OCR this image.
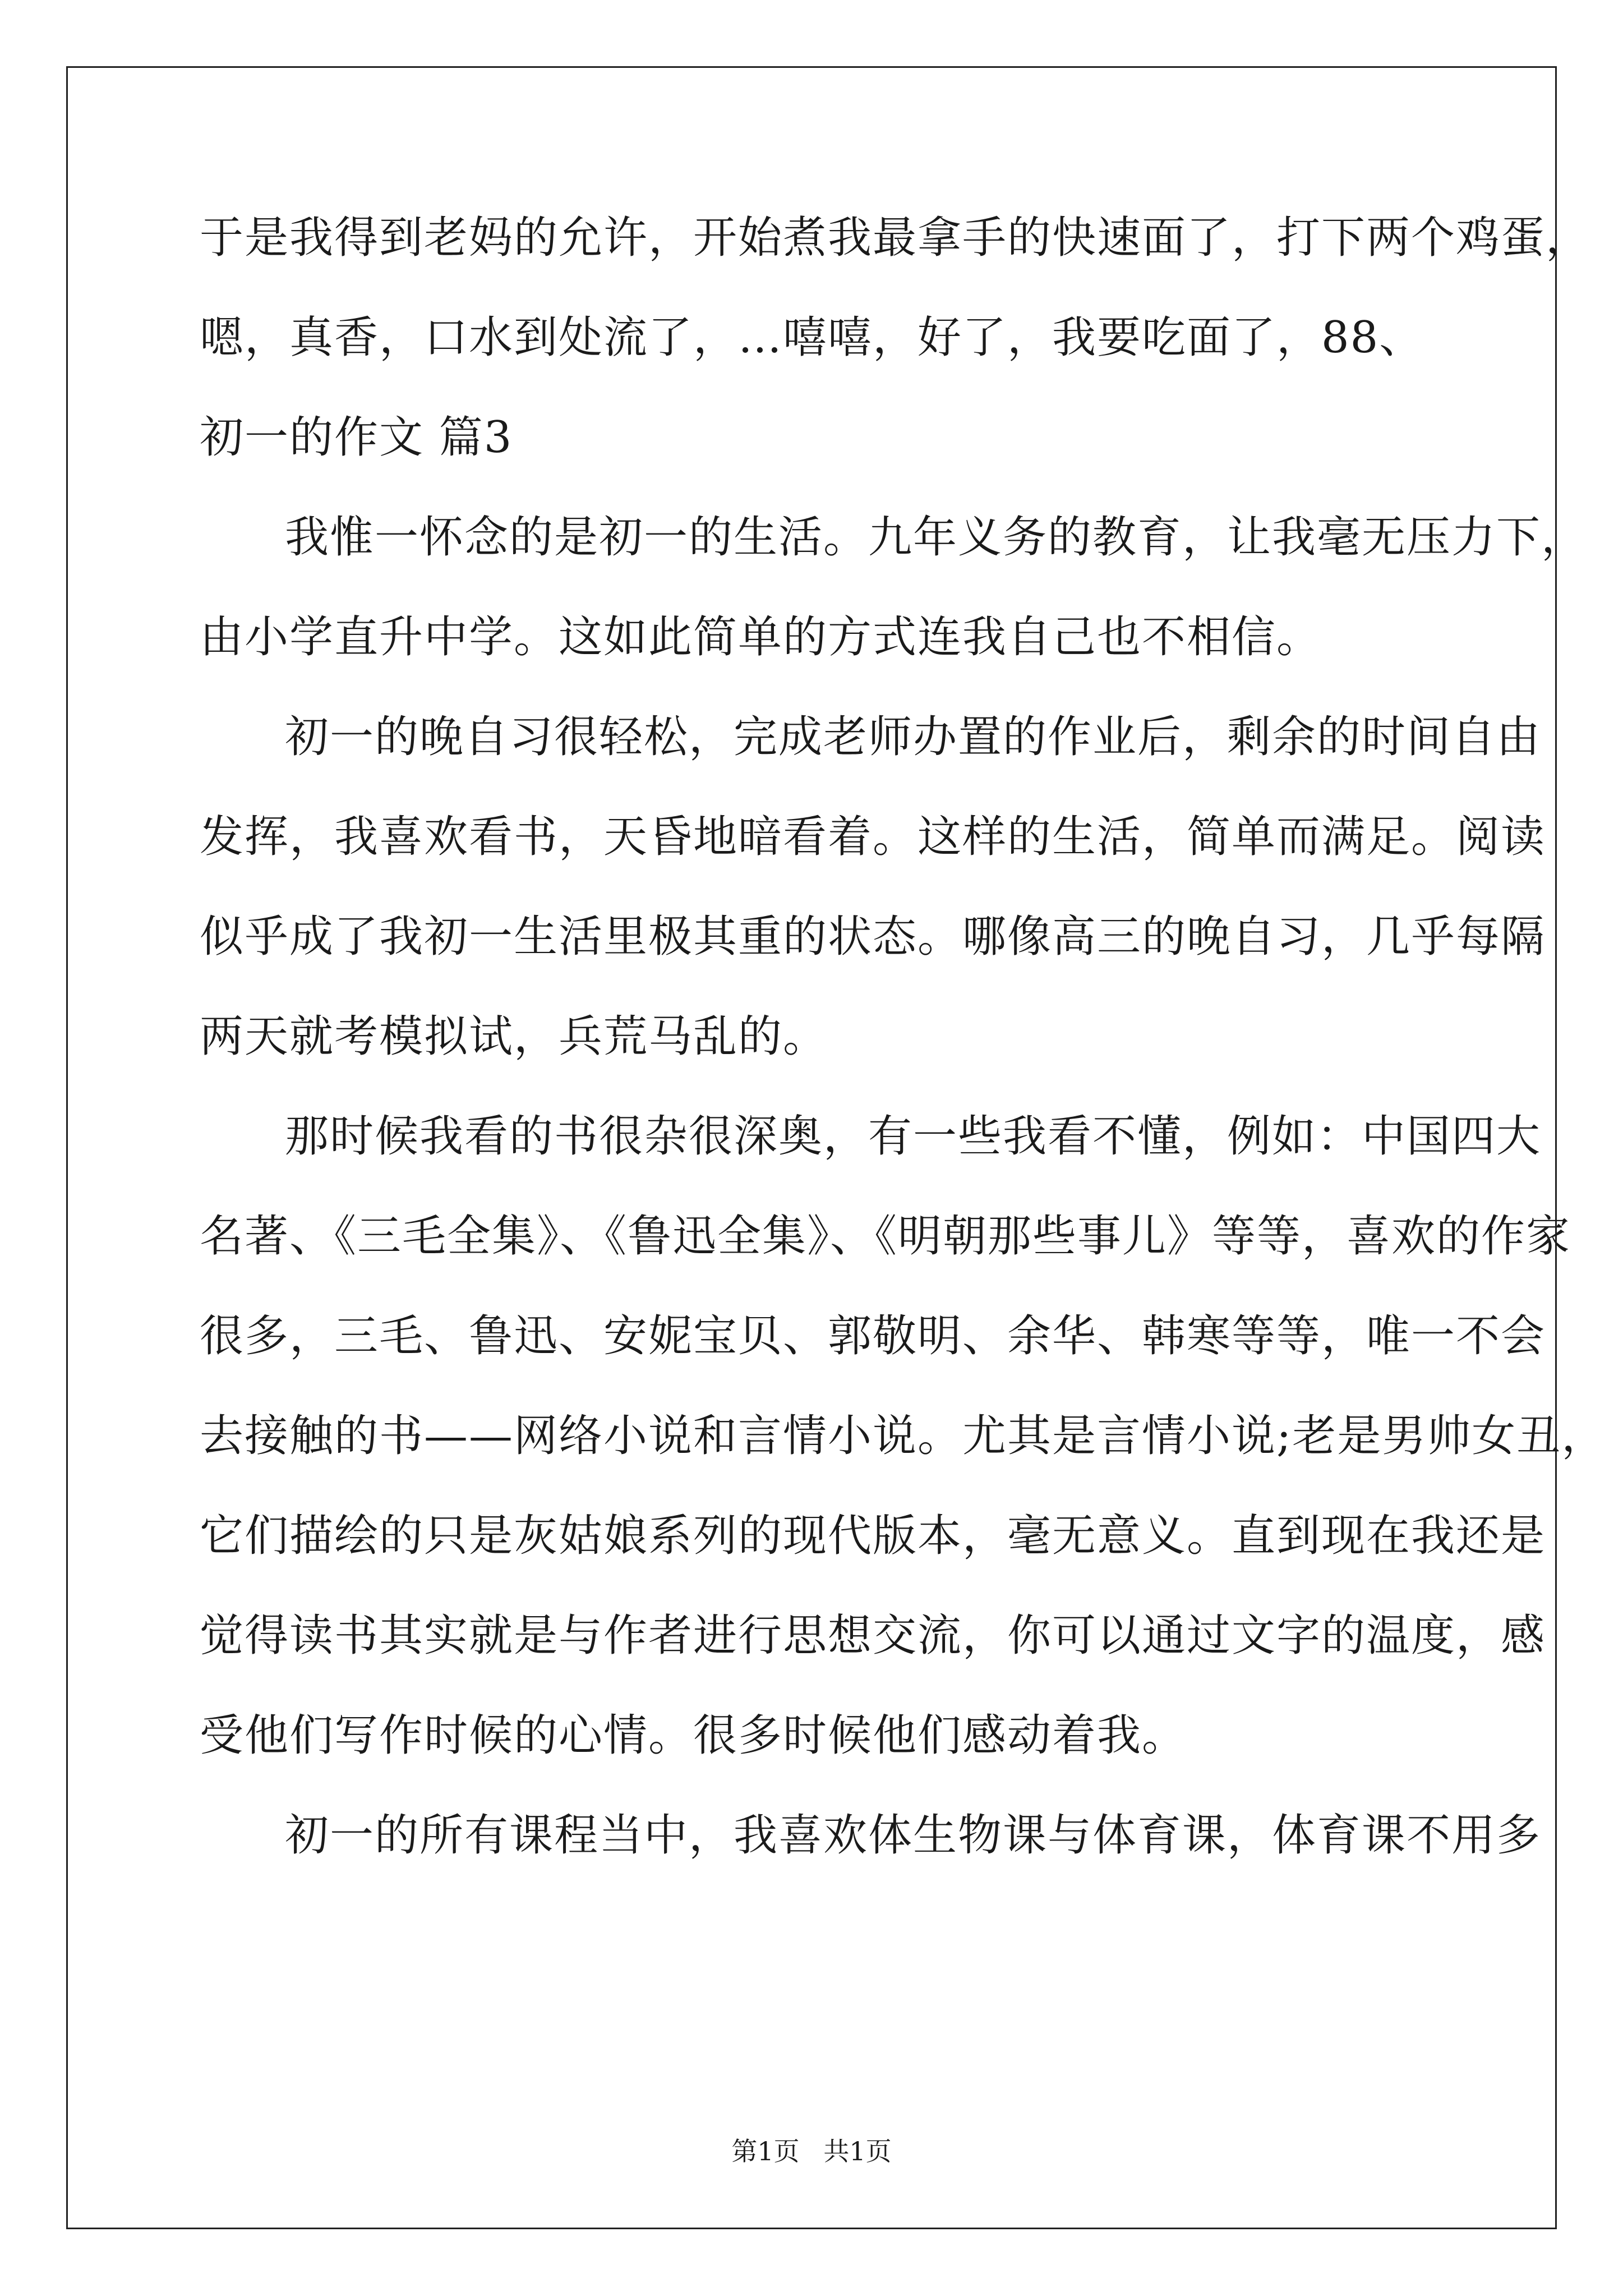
于是我得到老妈的允许，开始煮我最拿手的快速面了，打下两个鸡蛋，

嗯，真香，口水到处流了，…嘻嘻，好了，我要吃面了，88、

初一的作文 篇3

我惟一怀念的是初一的生活。九年义务的教育，让我毫无压力下，

由小学直升中学。这如此简单的方式连我自己也不相信。

初一的晚自习很轻松，完成老师办置的作业后，剩余的时间自由

发挥，我喜欢看书，天昏地暗看着。这样的生活，简单而满足。阅读

似乎成了我初一生活里极其重的状态。哪像高三的晚自习，几乎每隔

两天就考模拟试，兵荒马乱的。

那时候我看的书很杂很深奥，有一些我看不懂，例如：中国四大

名著、《三毛全集》、《鲁迅全集》、《明朝那些事儿》等等，喜欢的作家

很多，三毛、鲁迅、安妮宝贝、郭敬明、余华、韩寒等等，唯一不会

去接触的书——网络小说和言情小说。尤其是言情小说;老是男帅女丑，

它们描绘的只是灰姑娘系列的现代版本，毫无意义。直到现在我还是

觉得读书其实就是与作者进行思想交流，你可以通过文字的温度，感

受他们写作时候的心情。很多时候他们感动着我。

初一的所有课程当中，我喜欢体生物课与体育课，体育课不用多

第1页 共1页
